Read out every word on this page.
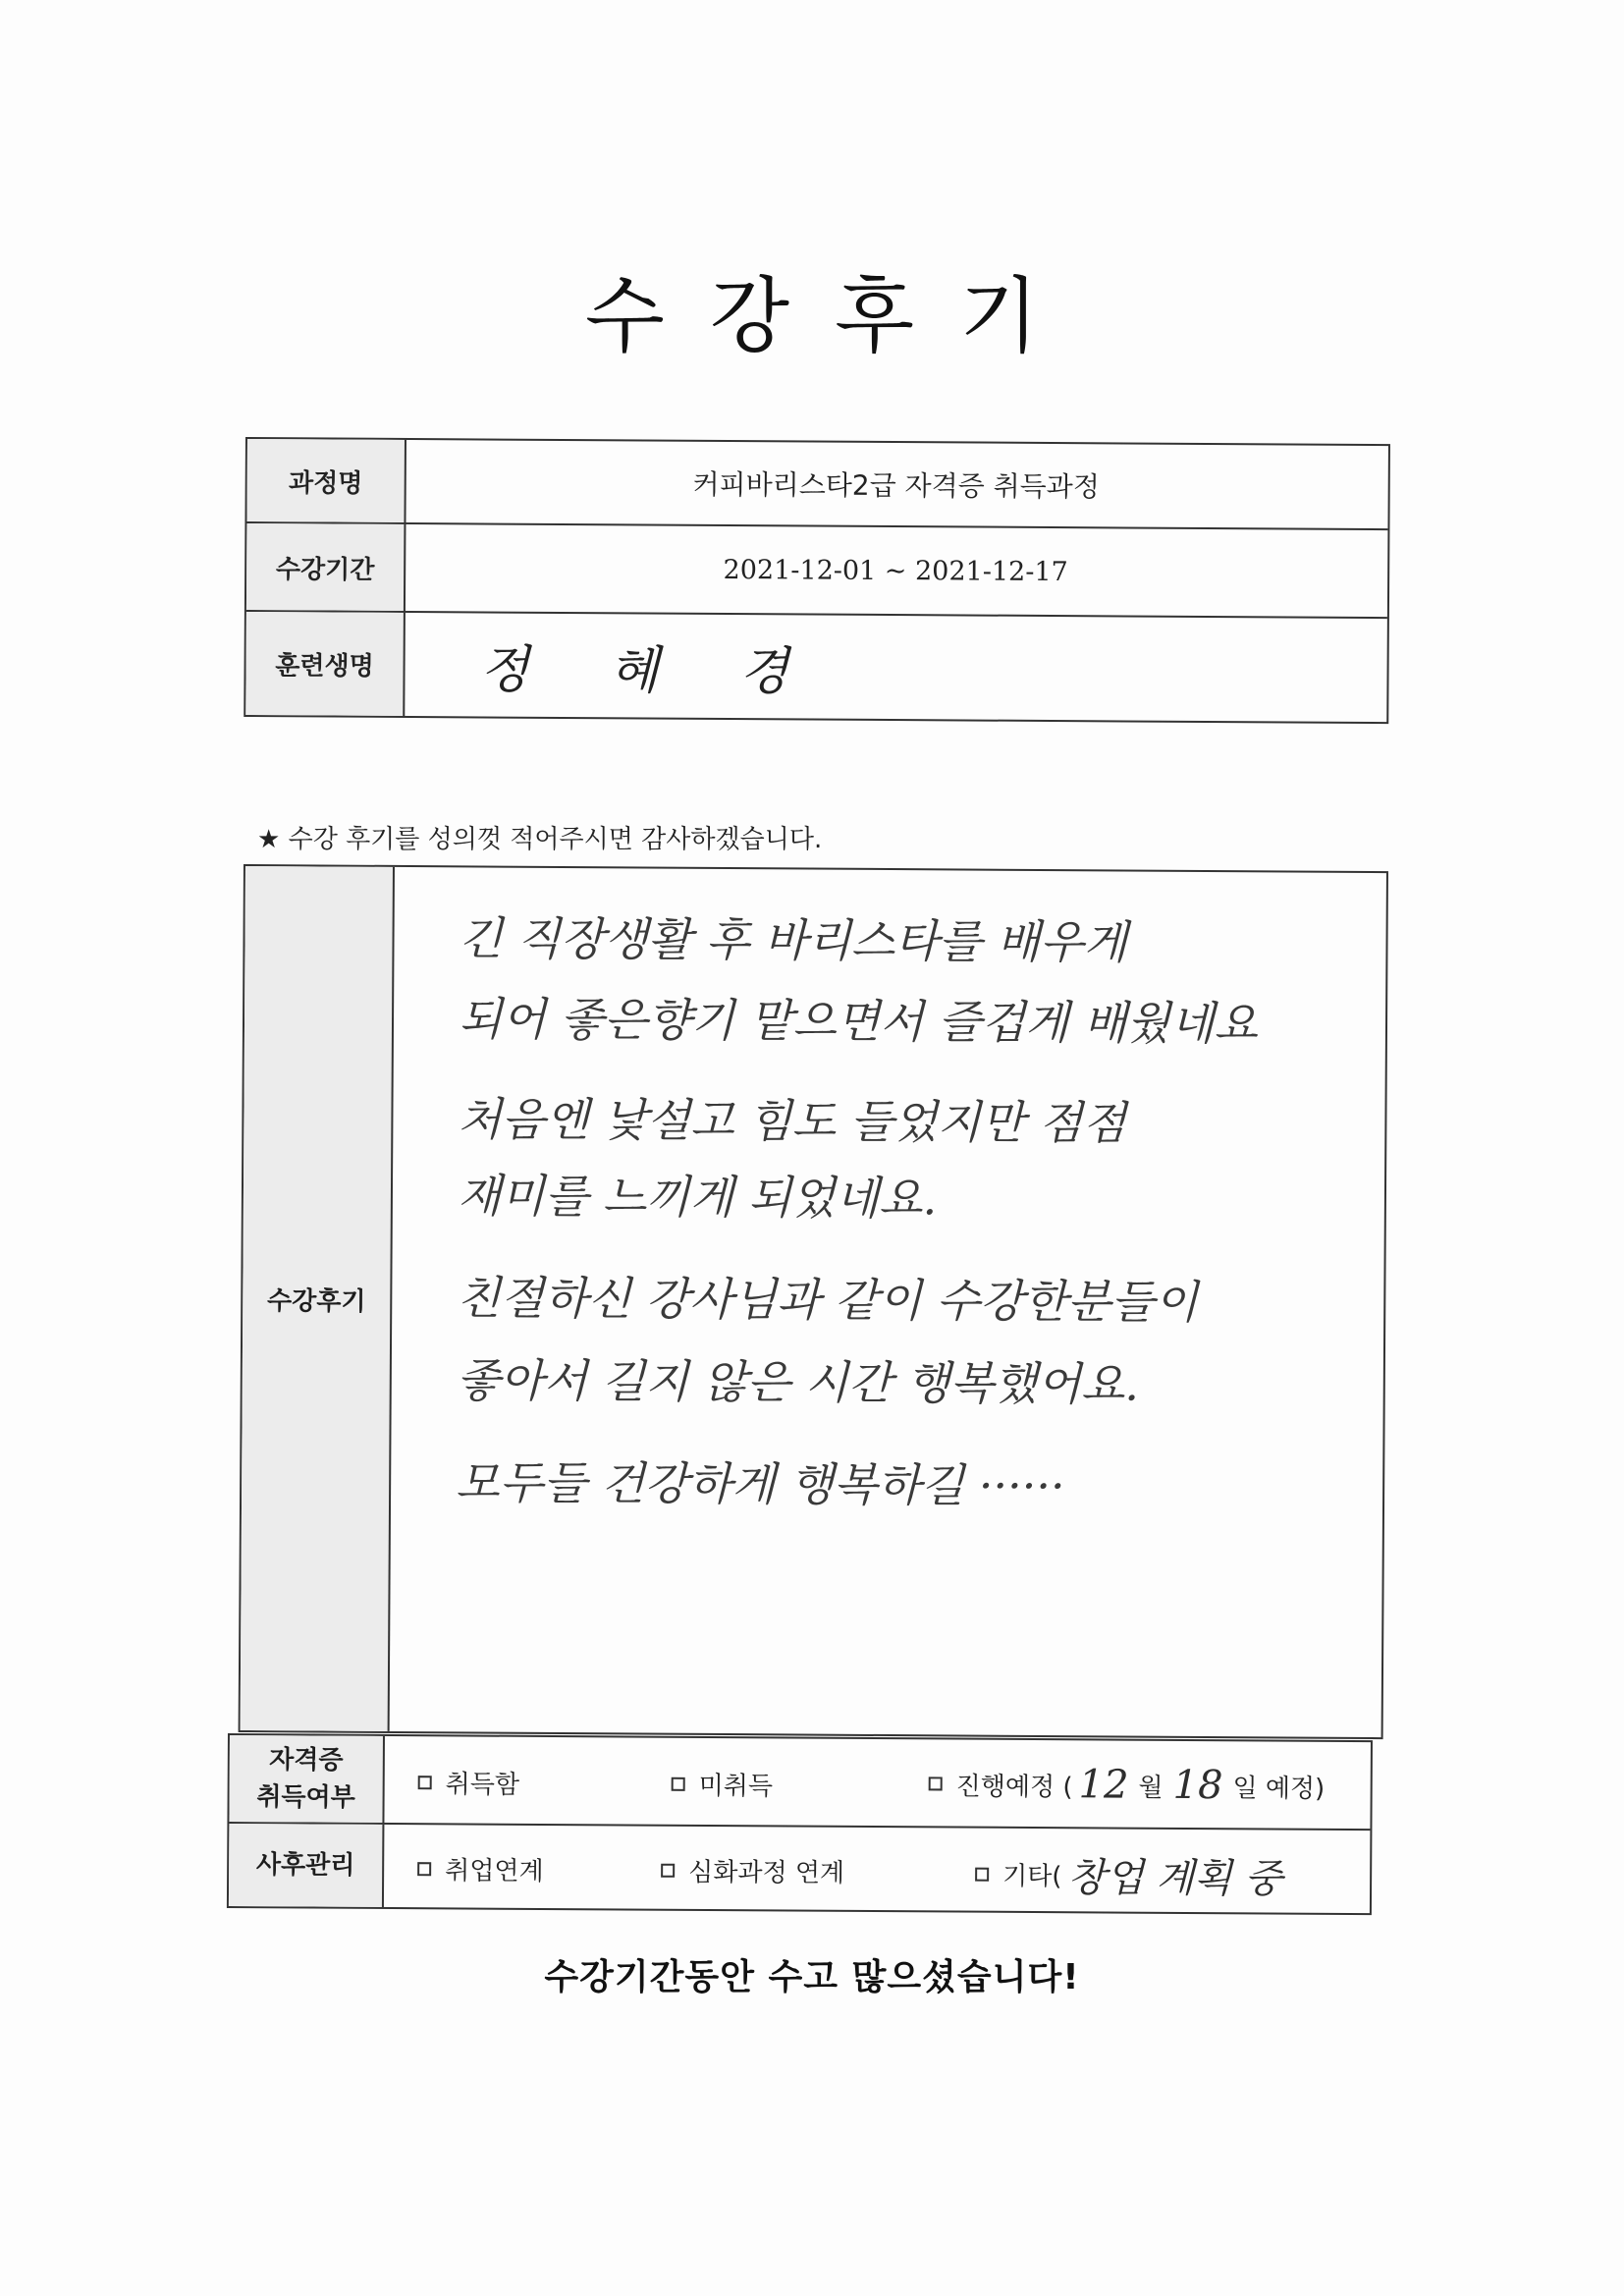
수강후기
과정명	커피바리스타2급 자격증 취득과정
수강기간	2021-12-01 ~ 2021-12-17
훈련생명	정혜경
★ 수강 후기를 성의껏 적어주시면 감사하겠습니다.
수강후기
긴 직장생활 후 바리스타를 배우게
되어 좋은향기 맡으면서 즐겁게 배웠네요
처음엔 낯설고 힘도 들었지만 점점
재미를 느끼게 되었네요.
친절하신 강사님과 같이 수강한분들이
좋아서 길지 않은 시간 행복했어요.
모두들 건강하게 행복하길 ······
자격증
취득여부	취득함	미취득	진행예정 ( 12 월 18 일 예정)
사후관리	취업연계	심화과정 연계	기타( 창업 계획 중
수강기간동안 수고 많으셨습니다!
